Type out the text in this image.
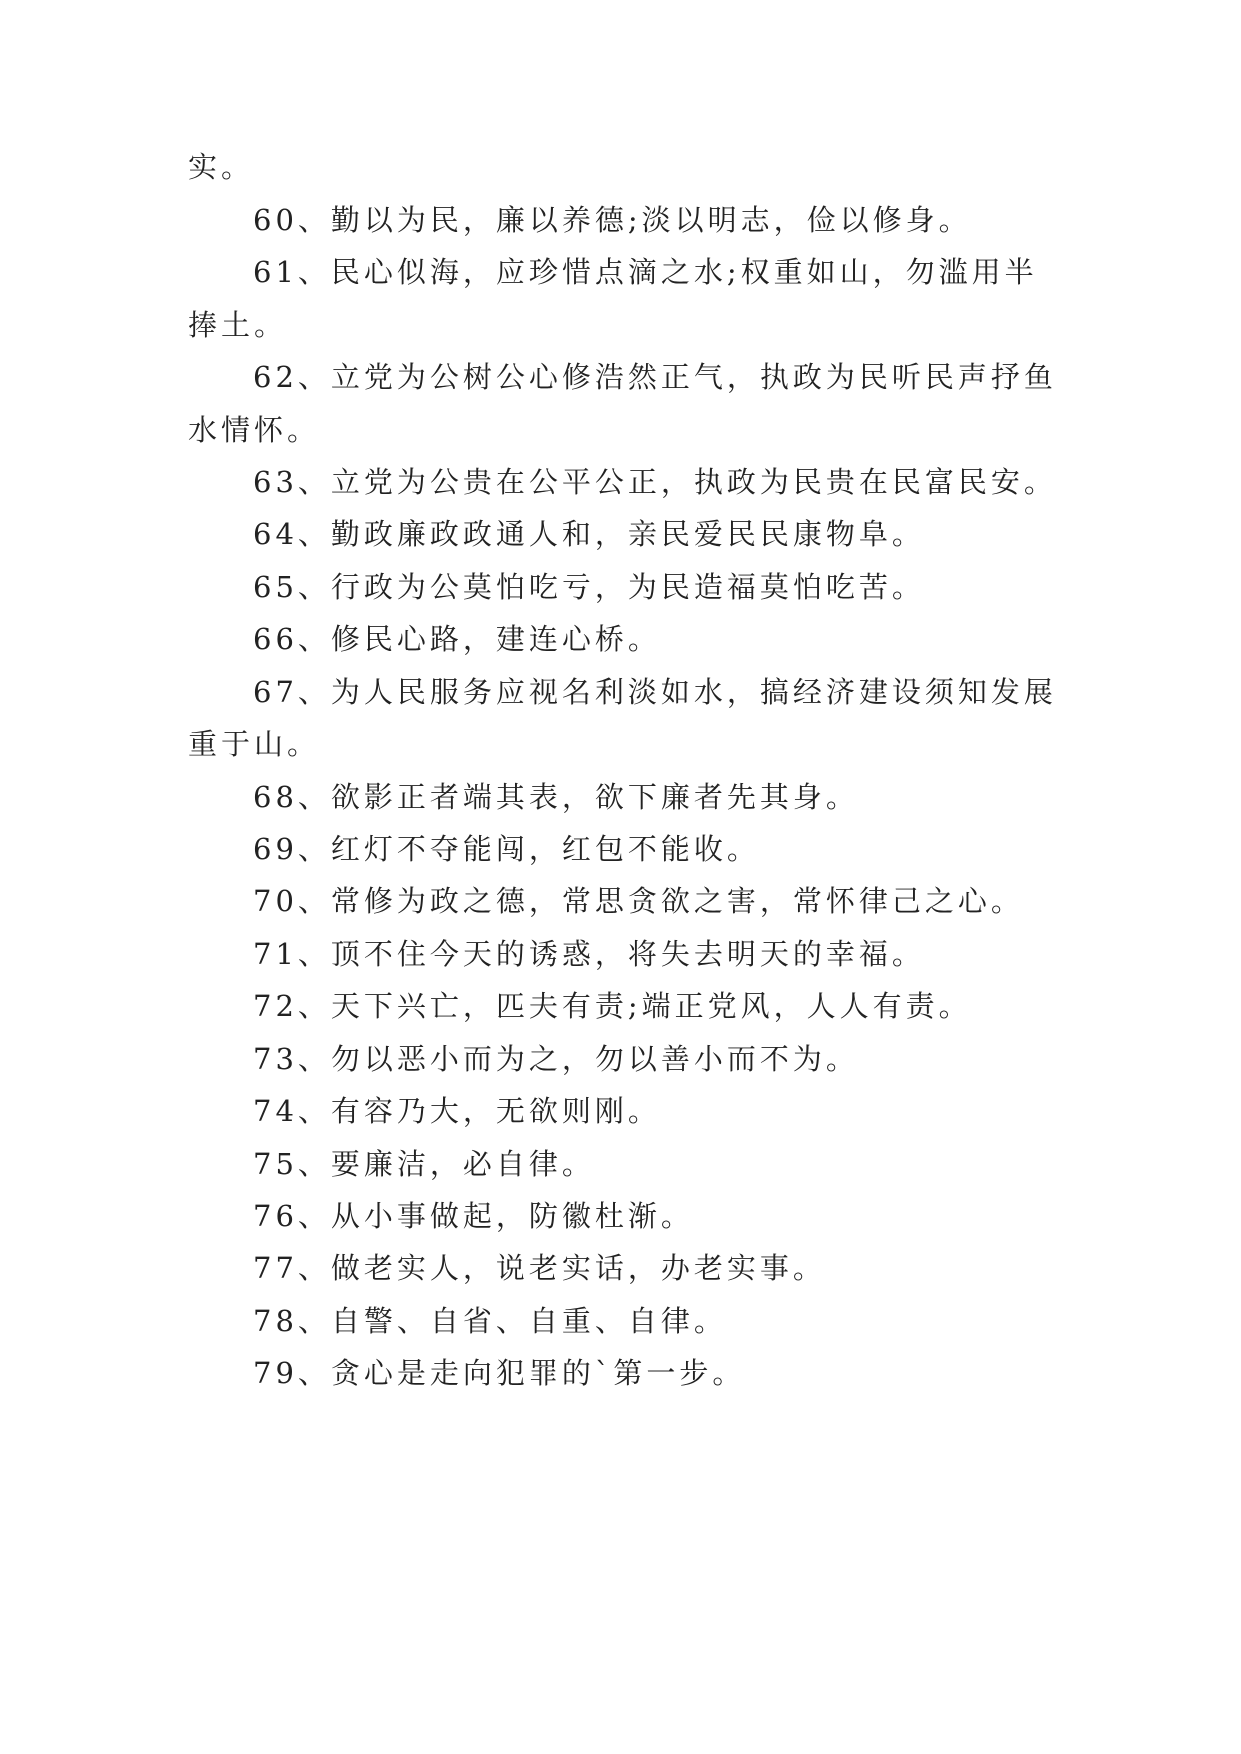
实。
60、勤以为民，廉以养德;淡以明志，俭以修身。
61、民心似海，应珍惜点滴之水;权重如山，勿滥用半
捧土。
62、立党为公树公心修浩然正气，执政为民听民声抒鱼
水情怀。
63、立党为公贵在公平公正，执政为民贵在民富民安。
64、勤政廉政政通人和，亲民爱民民康物阜。
65、行政为公莫怕吃亏，为民造福莫怕吃苦。
66、修民心路，建连心桥。
67、为人民服务应视名利淡如水，搞经济建设须知发展
重于山。
68、欲影正者端其表，欲下廉者先其身。
69、红灯不夺能闯，红包不能收。
70、常修为政之德，常思贪欲之害，常怀律己之心。
71、顶不住今天的诱惑，将失去明天的幸福。
72、天下兴亡，匹夫有责;端正党风，人人有责。
73、勿以恶小而为之，勿以善小而不为。
74、有容乃大，无欲则刚。
75、要廉洁，必自律。
76、从小事做起，防徽杜渐。
77、做老实人，说老实话，办老实事。
78、自警、自省、自重、自律。
79、贪心是走向犯罪的`第一步。
